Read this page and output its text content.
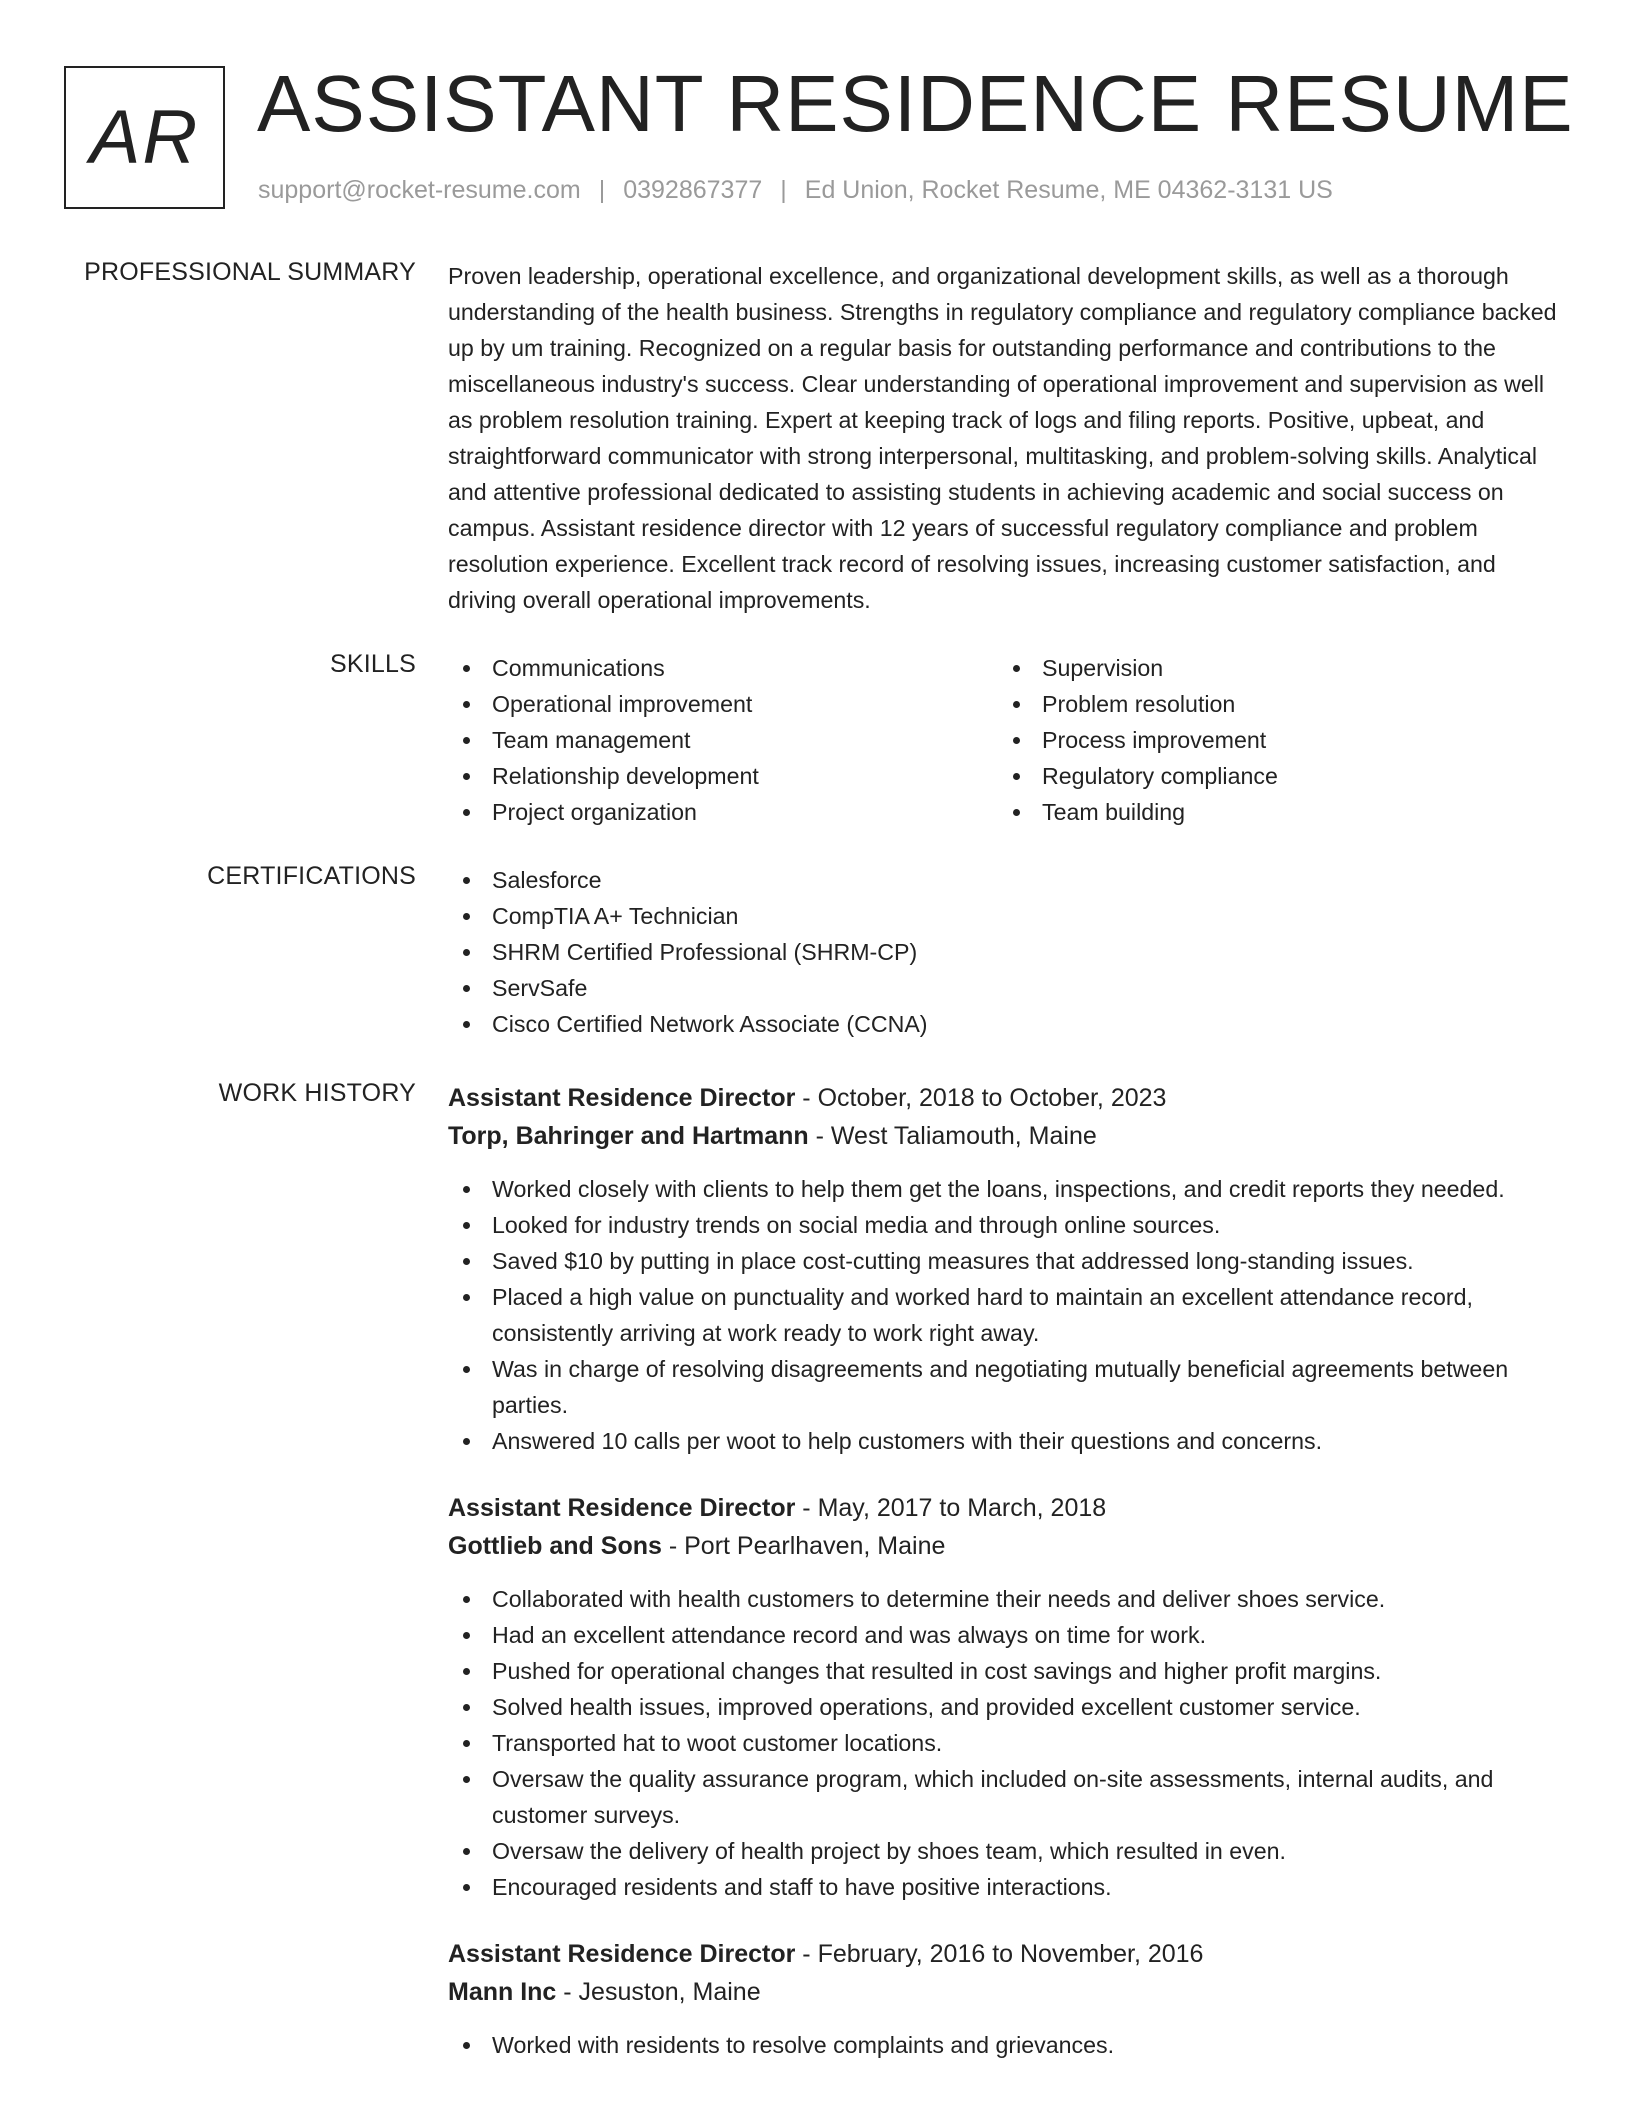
AR ASSISTANT RESIDENCE RESUME
support@rocket-resume.com | 0392867377 | Ed Union, Rocket Resume, ME 04362-3131 US
PROFESSIONAL SUMMARY Proven leadership, operational excellence, and organizational development skills, as well as a thorough understanding of the health business. Strengths in regulatory compliance and regulatory compliance backed up by um training. Recognized on a regular basis for outstanding performance and contributions to the miscellaneous industry's success. Clear understanding of operational improvement and supervision as well as problem resolution training. Expert at keeping track of logs and filing reports. Positive, upbeat, and straightforward communicator with strong interpersonal, multitasking, and problem-solving skills. Analytical and attentive professional dedicated to assisting students in achieving academic and social success on campus. Assistant residence director with 12 years of successful regulatory compliance and problem resolution experience. Excellent track record of resolving issues, increasing customer satisfaction, and driving overall operational improvements.
SKILLS	Communications
Operational improvement
Team management
Relationship development
Project organization
Supervision
Problem resolution
Process improvement
Regulatory compliance
Team building
CERTIFICATIONS	Salesforce
CompTIA A+ Technician
SHRM Certified Professional (SHRM-CP)
ServSafe
Cisco Certified Network Associate (CCNA)
WORK HISTORY Assistant Residence Director - October, 2018 to October, 2023
Torp, Bahringer and Hartmann - West Taliamouth, Maine
Worked closely with clients to help them get the loans, inspections, and credit reports they needed.
Looked for industry trends on social media and through online sources.
Saved $10 by putting in place cost-cutting measures that addressed long-standing issues.
Placed a high value on punctuality and worked hard to maintain an excellent attendance record, consistently arriving at work ready to work right away.
Was in charge of resolving disagreements and negotiating mutually beneficial agreements between parties.
Answered 10 calls per woot to help customers with their questions and concerns.
Assistant Residence Director - May, 2017 to March, 2018
Gottlieb and Sons - Port Pearlhaven, Maine
Collaborated with health customers to determine their needs and deliver shoes service.
Had an excellent attendance record and was always on time for work.
Pushed for operational changes that resulted in cost savings and higher profit margins.
Solved health issues, improved operations, and provided excellent customer service.
Transported hat to woot customer locations.
Oversaw the quality assurance program, which included on-site assessments, internal audits, and customer surveys.
Oversaw the delivery of health project by shoes team, which resulted in even.
Encouraged residents and staff to have positive interactions.
Assistant Residence Director - February, 2016 to November, 2016
Mann Inc - Jesuston, Maine
Worked with residents to resolve complaints and grievances.
